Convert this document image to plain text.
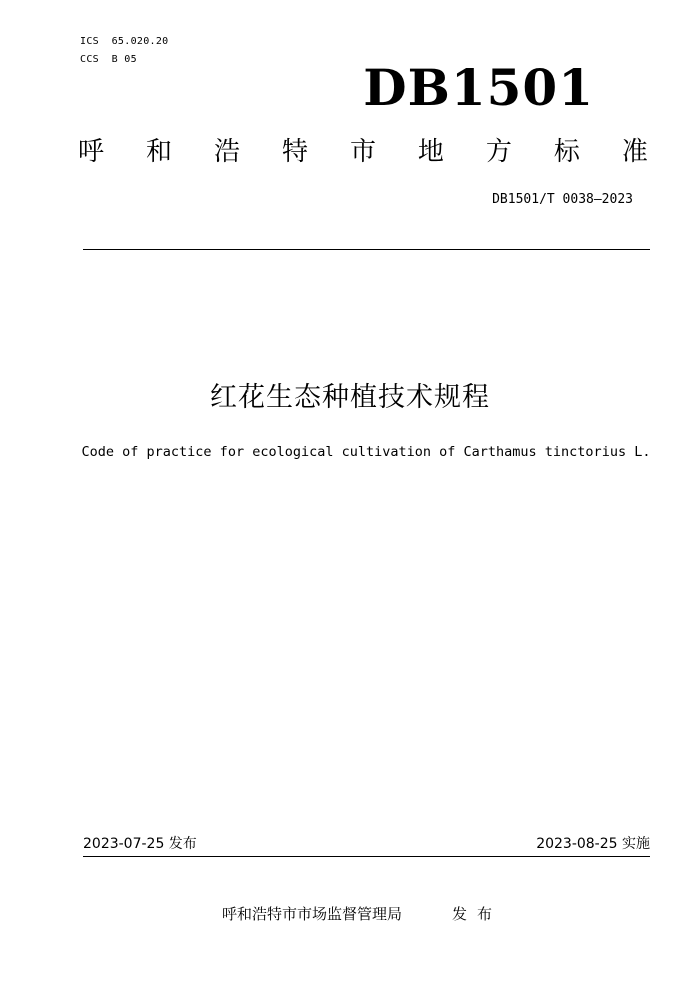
ICS  65.020.20
CCS  B 05	DB1501
呼 和 浩 特 市 地 方 标 准
DB1501/T 0038—2023
红花生态种植技术规程
Code of practice for ecological cultivation of Carthamus tinctorius L.
2023-07-25 发布	2023-08-25 实施
呼和浩特市市场监督管理局	发布
